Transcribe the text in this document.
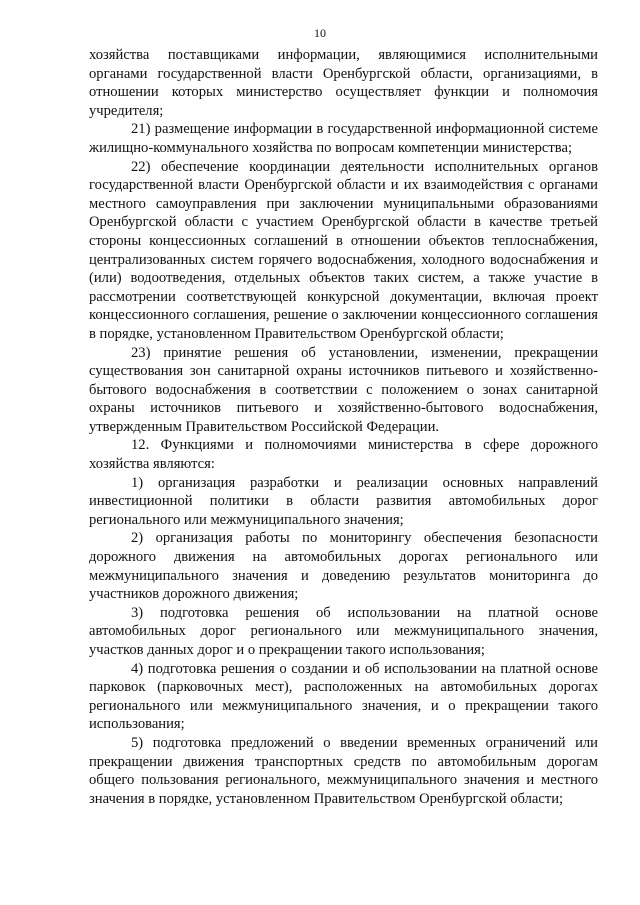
10

хозяйства поставщиками информации, являющимися исполнительными органами государственной власти Оренбургской области, организациями, в отношении которых министерство осуществляет функции и полномочия учредителя;

21) размещение информации в государственной информационной системе жилищно-коммунального хозяйства по вопросам компетенции министерства;

22) обеспечение координации деятельности исполнительных органов государственной власти Оренбургской области и их взаимодействия с органами местного самоуправления при заключении муниципальными образованиями Оренбургской области с участием Оренбургской области в качестве третьей стороны концессионных соглашений в отношении объектов теплоснабжения, централизованных систем горячего водоснабжения, холодного водоснабжения и (или) водоотведения, отдельных объектов таких систем, а также участие в рассмотрении соответствующей конкурсной документации, включая проект концессионного соглашения, решение о заключении концессионного соглашения в порядке, установленном Правительством Оренбургской области;

23) принятие решения об установлении, изменении, прекращении существования зон санитарной охраны источников питьевого и хозяйственно-бытового водоснабжения в соответствии с положением о зонах санитарной охраны источников питьевого и хозяйственно-бытового водоснабжения, утвержденным Правительством Российской Федерации.

12. Функциями и полномочиями министерства в сфере дорожного хозяйства являются:

1) организация разработки и реализации основных направлений инвестиционной политики в области развития автомобильных дорог регионального или межмуниципального значения;

2) организация работы по мониторингу обеспечения безопасности дорожного движения на автомобильных дорогах регионального или межмуниципального значения и доведению результатов мониторинга до участников дорожного движения;

3) подготовка решения об использовании на платной основе автомобильных дорог регионального или межмуниципального значения, участков данных дорог и о прекращении такого использования;

4) подготовка решения о создании и об использовании на платной основе парковок (парковочных мест), расположенных на автомобильных дорогах регионального или межмуниципального значения, и о прекращении такого использования;

5) подготовка предложений о введении временных ограничений или прекращении движения транспортных средств по автомобильным дорогам общего пользования регионального, межмуниципального значения и местного значения в порядке, установленном Правительством Оренбургской области;
